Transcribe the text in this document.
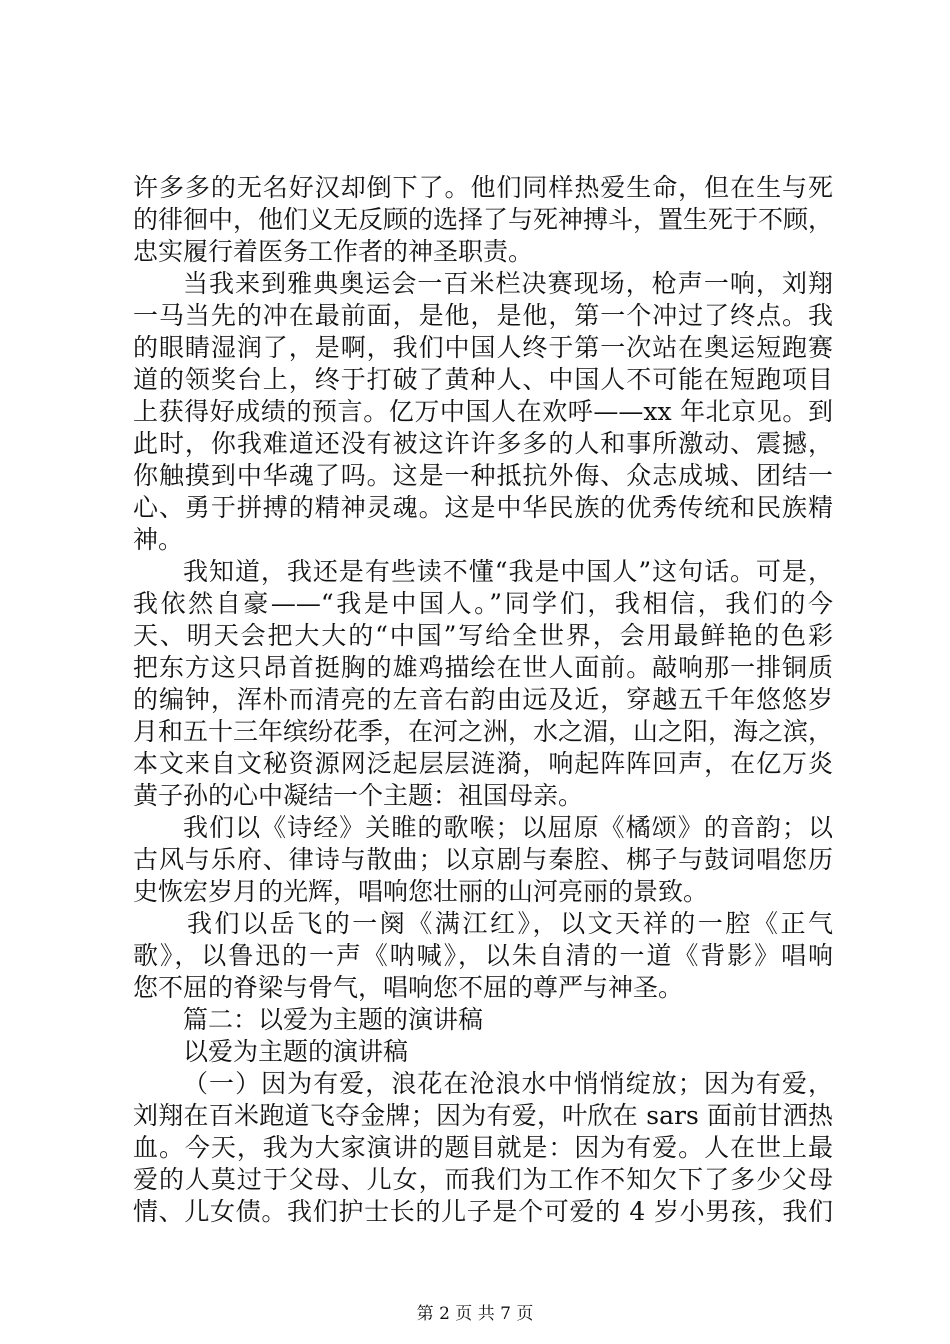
许多多的无名好汉却倒下了。他们同样热爱生命，但在生与死
的徘徊中，他们义无反顾的选择了与死神搏斗，置生死于不顾，
忠实履行着医务工作者的神圣职责。
当我来到雅典奥运会一百米栏决赛现场，枪声一响，刘翔
一马当先的冲在最前面，是他，是他，第一个冲过了终点。我
的眼睛湿润了，是啊，我们中国人终于第一次站在奥运短跑赛
道的领奖台上，终于打破了黄种人、中国人不可能在短跑项目
上获得好成绩的预言。亿万中国人在欢呼——xx 年北京见。到
此时，你我难道还没有被这许许多多的人和事所激动、震撼，
你触摸到中华魂了吗。这是一种抵抗外侮、众志成城、团结一
心、勇于拼搏的精神灵魂。这是中华民族的优秀传统和民族精
神。
我知道，我还是有些读不懂“我是中国人”这句话。可是，
我依然自豪——“我是中国人。”同学们，我相信，我们的今
天、明天会把大大的“中国”写给全世界，会用最鲜艳的色彩
把东方这只昂首挺胸的雄鸡描绘在世人面前。敲响那一排铜质
的编钟，浑朴而清亮的左音右韵由远及近，穿越五千年悠悠岁
月和五十三年缤纷花季，在河之洲，水之湄，山之阳，海之滨，
本文来自文秘资源网泛起层层涟漪，响起阵阵回声，在亿万炎
黄子孙的心中凝结一个主题：祖国母亲。
我们以《诗经》关睢的歌喉；以屈原《橘颂》的音韵；以
古风与乐府、律诗与散曲；以京剧与秦腔、梆子与鼓词唱您历
史恢宏岁月的光辉，唱响您壮丽的山河亮丽的景致。
我们以岳飞的一阕《满江红》，以文天祥的一腔《正气
歌》，以鲁迅的一声《呐喊》，以朱自清的一道《背影》唱响
您不屈的脊梁与骨气，唱响您不屈的尊严与神圣。
篇二：以爱为主题的演讲稿
以爱为主题的演讲稿
（一）因为有爱，浪花在沧浪水中悄悄绽放；因为有爱，
刘翔在百米跑道飞夺金牌；因为有爱，叶欣在 sars 面前甘洒热
血。今天，我为大家演讲的题目就是：因为有爱。人在世上最
爱的人莫过于父母、儿女，而我们为工作不知欠下了多少父母
情、儿女债。我们护士长的儿子是个可爱的 4 岁小男孩，我们
第 2 页 共 7 页
